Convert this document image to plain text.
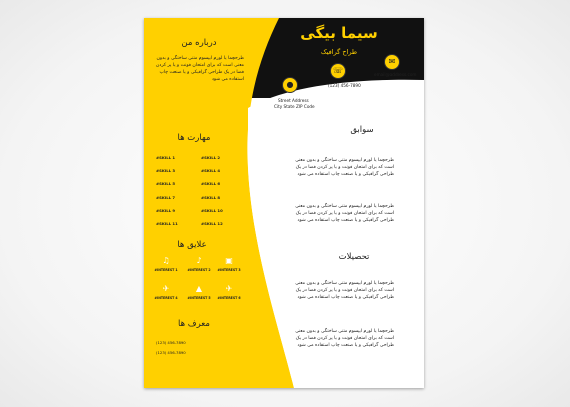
سیما بیگی
طراح گرافیک
●
☏
✉
Street Address
City State ZIP Code
(123) 456-7890
email@address.com
درباره من
طرحچما یا لورم ایپسوم متنی ساختگی و بدون معنی است که برای امتحان فونت و یا پر کردن فضا در یک طراحی گرافیکی و یا صنعت چاپ استفاده می شود
مهارت ها
#SKILL 1	#SKILL 2
#SKILL 3	#SKILL 4
#SKILL 5	#SKILL 6
#SKILL 7	#SKILL 8
#SKILL 9	#SKILL 10
#SKILL 11	#SKILL 12
علایق ها
♫	♪	▣
#INTEREST 1	#INTEREST 2	#INTEREST 3
✈	▲	✈
#INTEREST 4	#INTEREST 5	#INTEREST 6
معرف ها
(123) 456-7890
(123) 456-7890
سوابق
طرحچما یا لورم ایپسوم متنی ساختگی و بدون معنی است که برای امتحان فونت و یا پر کردن فضا در یک طراحی گرافیکی و یا صنعت چاپ استفاده می شود
طرحچما یا لورم ایپسوم متنی ساختگی و بدون معنی است که برای امتحان فونت و یا پر کردن فضا در یک طراحی گرافیکی و یا صنعت چاپ استفاده می شود
تحصیلات
طرحچما یا لورم ایپسوم متنی ساختگی و بدون معنی است که برای امتحان فونت و یا پر کردن فضا در یک طراحی گرافیکی و یا صنعت چاپ استفاده می شود
طرحچما یا لورم ایپسوم متنی ساختگی و بدون معنی است که برای امتحان فونت و یا پر کردن فضا در یک طراحی گرافیکی و یا صنعت چاپ استفاده می شود
